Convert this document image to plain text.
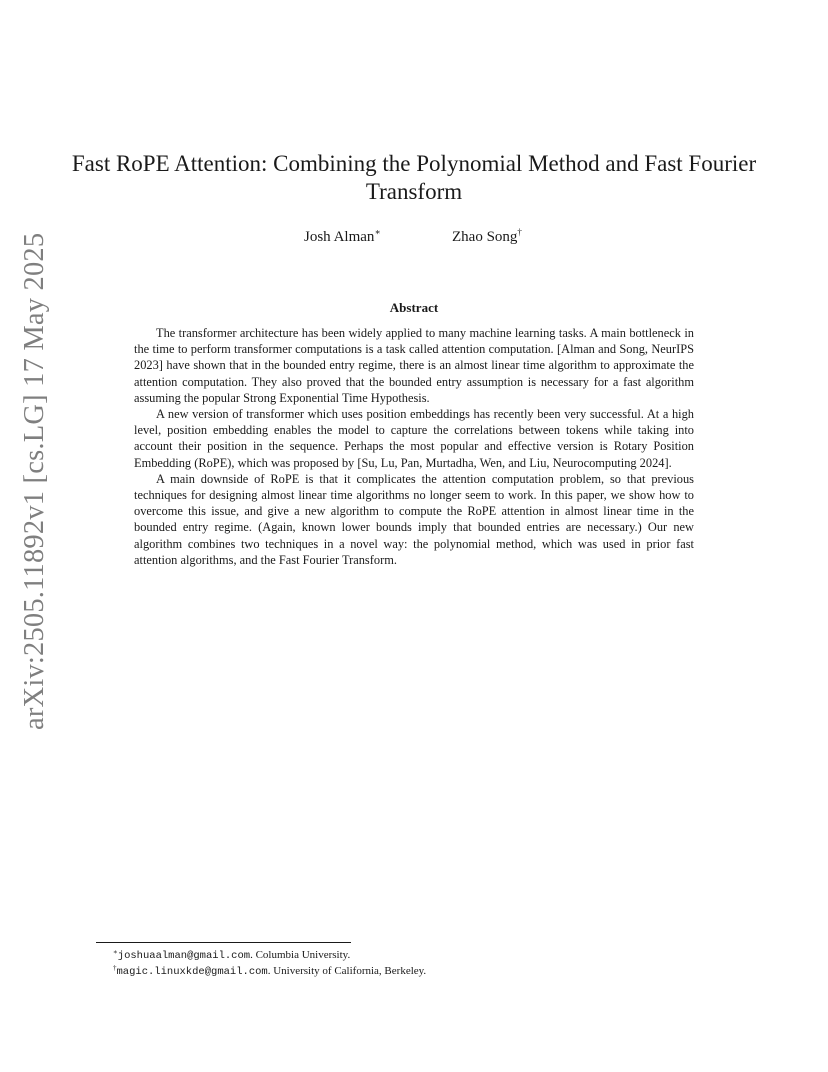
arXiv:2505.11892v1 [cs.LG] 17 May 2025
Fast RoPE Attention: Combining the Polynomial Method and Fast Fourier Transform
Josh Alman∗	Zhao Song†
Abstract

The transformer architecture has been widely applied to many machine learning tasks. A main bottleneck in the time to perform transformer computations is a task called attention computation. [Alman and Song, NeurIPS 2023] have shown that in the bounded entry regime, there is an almost linear time algorithm to approximate the attention computation. They also proved that the bounded entry assumption is necessary for a fast algorithm assuming the popular Strong Exponential Time Hypothesis.

A new version of transformer which uses position embeddings has recently been very successful. At a high level, position embedding enables the model to capture the correlations between tokens while taking into account their position in the sequence. Perhaps the most popular and effective version is Rotary Position Embedding (RoPE), which was proposed by [Su, Lu, Pan, Murtadha, Wen, and Liu, Neurocomputing 2024].

A main downside of RoPE is that it complicates the attention computation problem, so that previous techniques for designing almost linear time algorithms no longer seem to work. In this paper, we show how to overcome this issue, and give a new algorithm to compute the RoPE attention in almost linear time in the bounded entry regime. (Again, known lower bounds imply that bounded entries are necessary.) Our new algorithm combines two techniques in a novel way: the polynomial method, which was used in prior fast attention algorithms, and the Fast Fourier Transform.

∗joshuaalman@gmail.com. Columbia University.
†magic.linuxkde@gmail.com. University of California, Berkeley.
